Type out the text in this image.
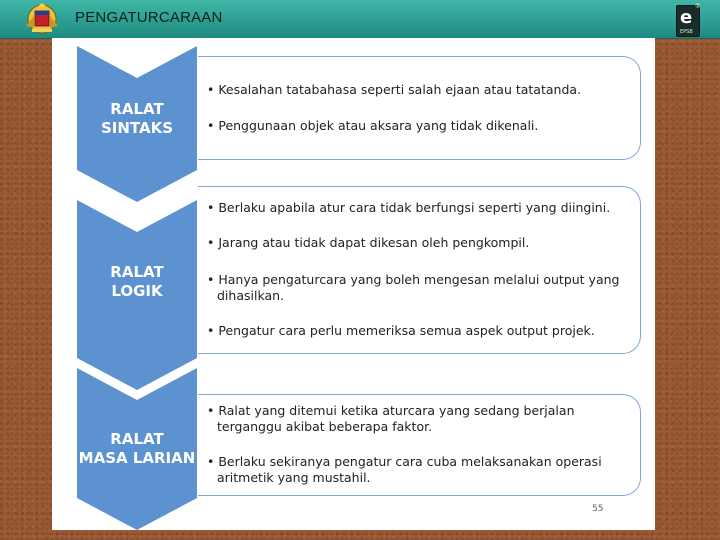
PENGATURCARAAN	e ®
EPSB
RALAT
SINTAKS
• Kesalahan tatabahasa seperti salah ejaan atau tatatanda.
• Penggunaan objek atau aksara yang tidak dikenali.
RALAT
LOGIK
• Berlaku apabila atur cara tidak berfungsi seperti yang diingini.
• Jarang atau tidak dapat dikesan oleh pengkompil.
• Hanya pengaturcara yang boleh mengesan melalui output yang
dihasilkan.
• Pengatur cara perlu memeriksa semua aspek output projek.
RALAT
MASA LARIAN
• Ralat yang ditemui ketika aturcara yang sedang berjalan
terganggu akibat beberapa faktor.
• Berlaku sekiranya pengatur cara cuba melaksanakan operasi
aritmetik yang mustahil.
55
